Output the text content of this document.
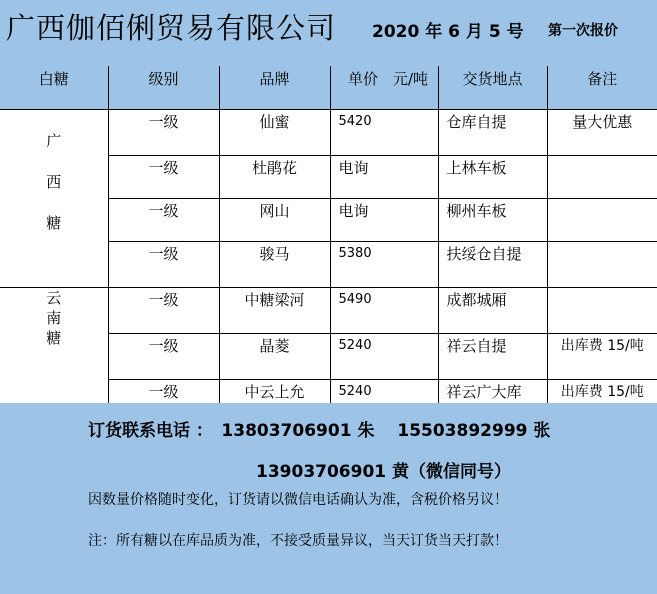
广西伽佰俐贸易有限公司 2020 年 6 月 5 号 第一次报价
白糖	级别	品牌	单价　元/吨	交货地点	备注

广
西
糖	一级	仙蜜	5420	仓库自提	量大优惠
	一级	杜鹃花	电询	上林车板	
	一级	网山	电询	柳州车板	
	一级	骏马	5380	扶绥仓自提	

云
南
糖	一级	中糖梁河	5490	成都城厢	
	一级	晶菱	5240	祥云自提	出库费 15/吨
	一级	中云上允	5240	祥云广大库	出库费 15/吨
订货联系电话 ：　13803706901 朱　 15503892999 张
13903706901 黄（微信同号）
因数量价格随时变化，订货请以微信电话确认为准，含税价格另议！
注：所有糖以在库品质为准，不接受质量异议，当天订货当天打款！
